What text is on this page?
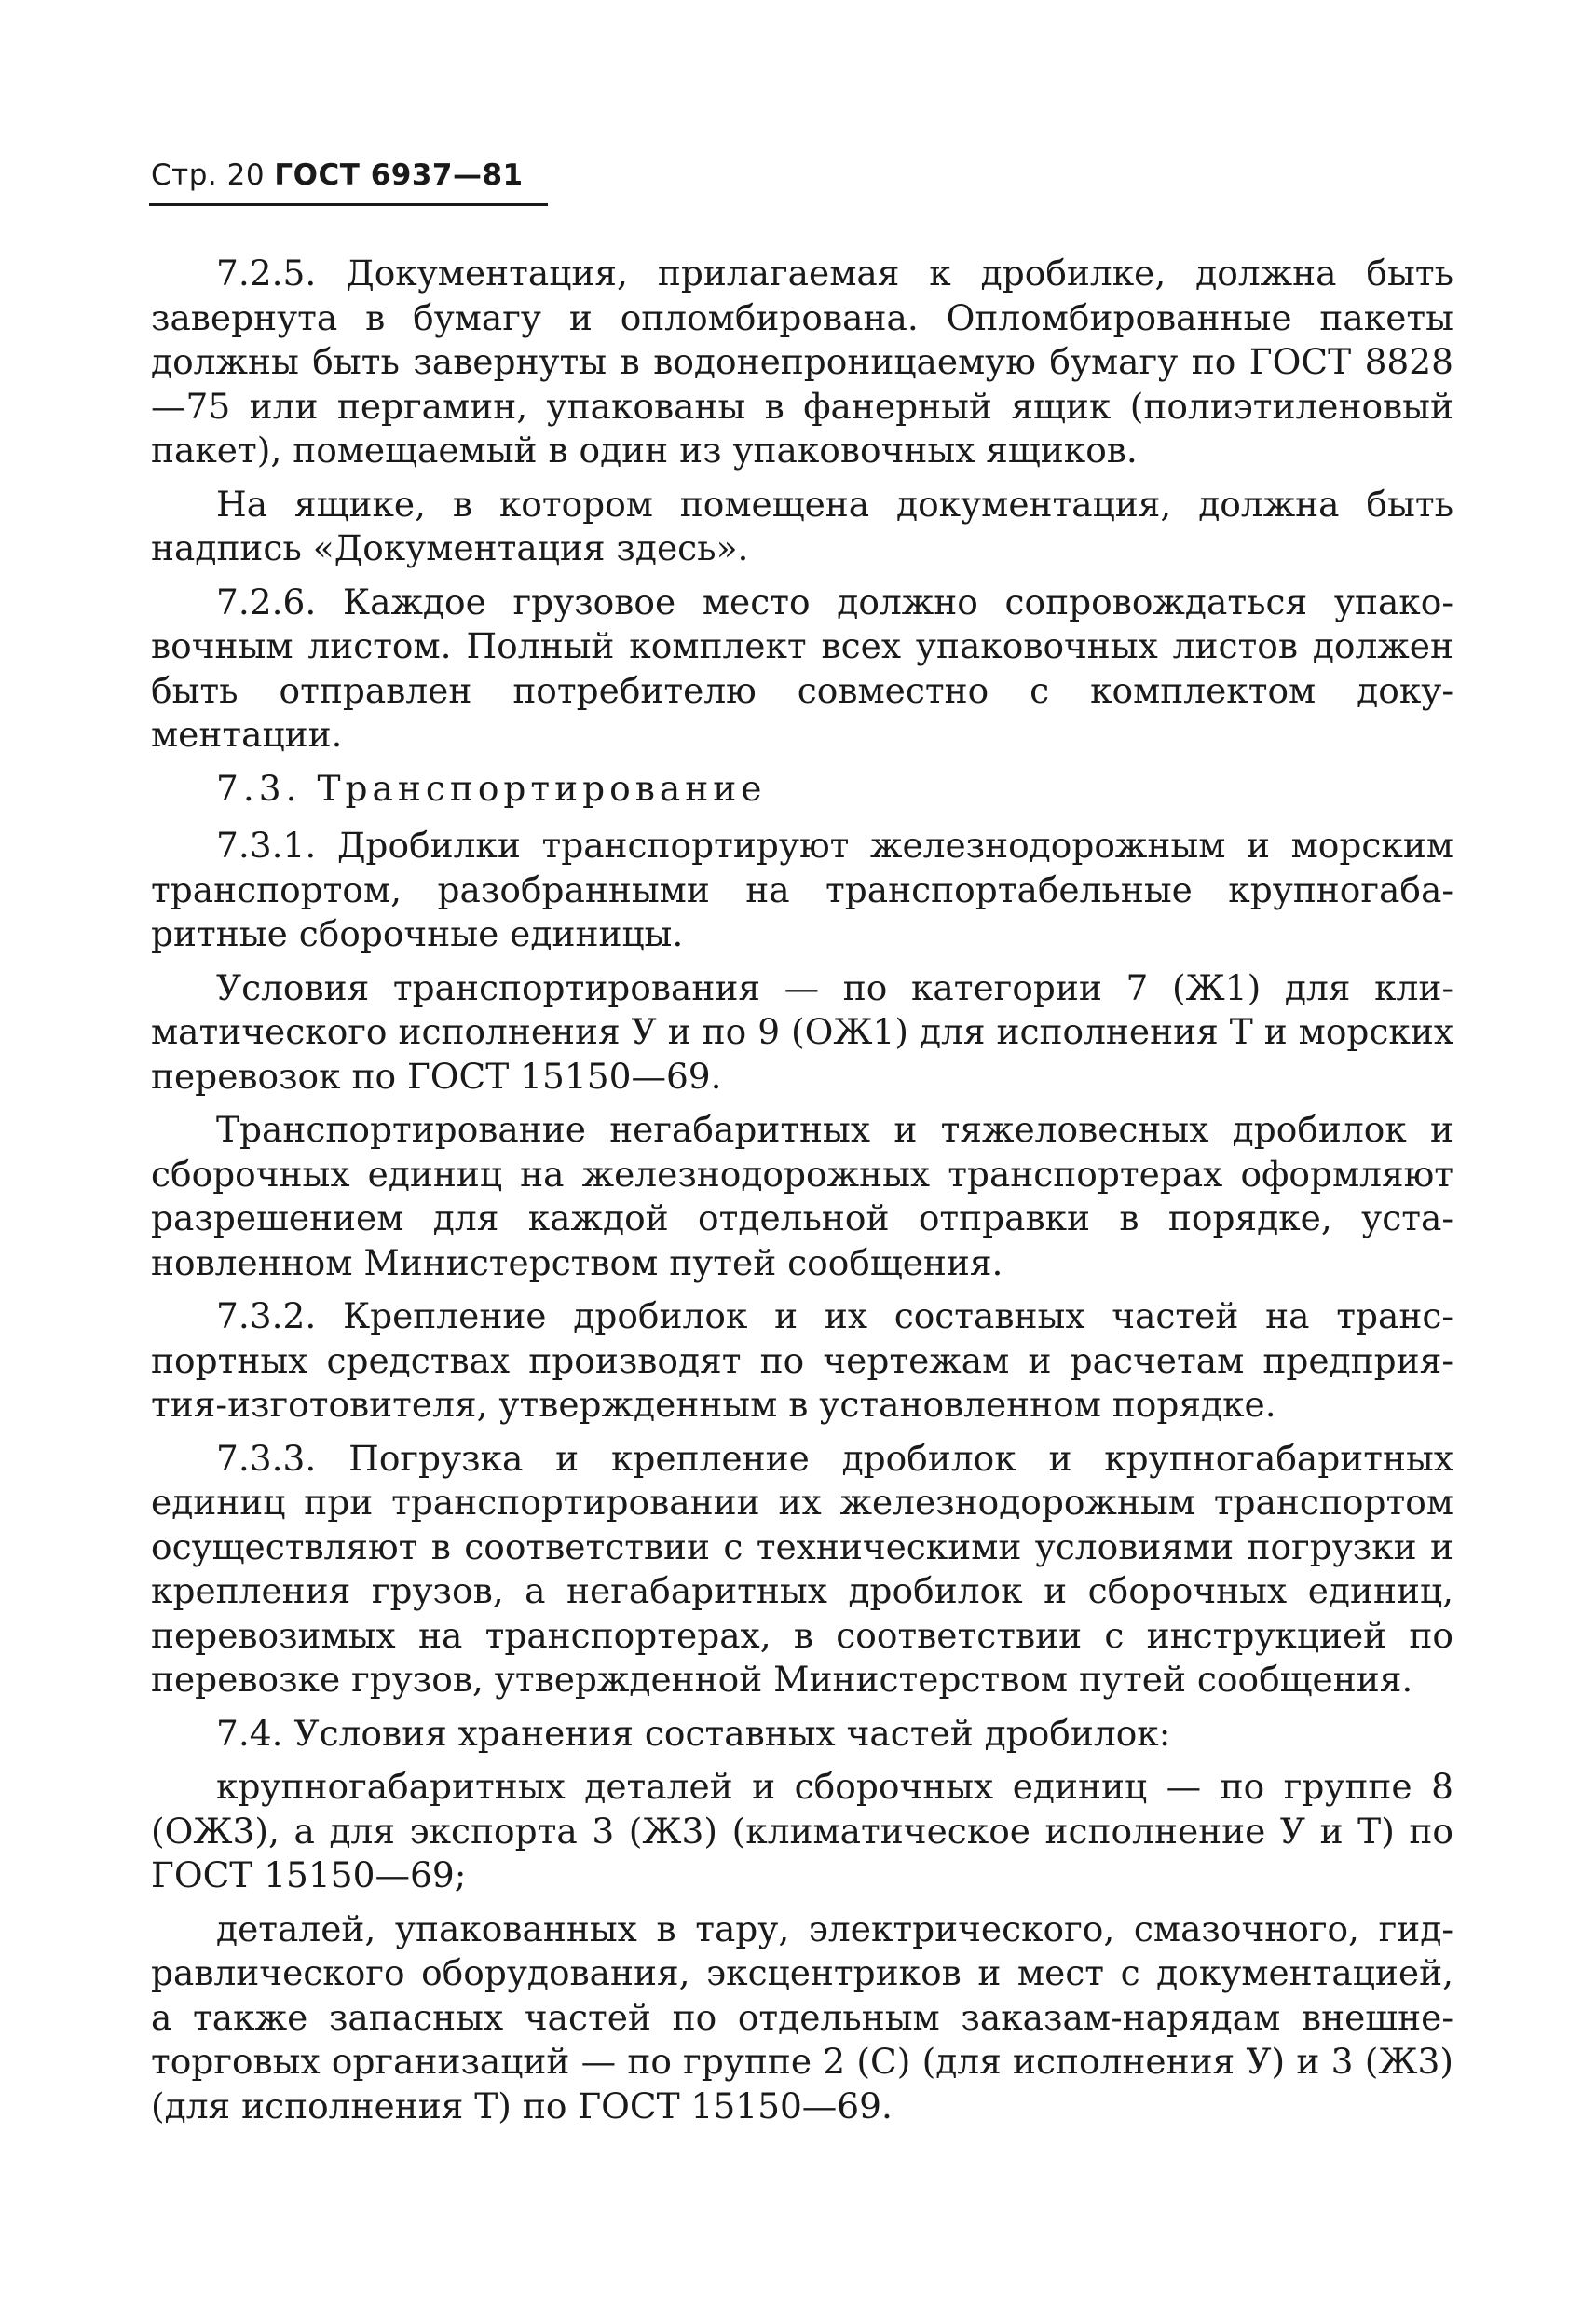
Стр. 20 ГОСТ 6937—81

7.2.5. Документация, прилагаемая к дробилке, должна быть завернута в бумагу и опломбирована. Опломбированные пакеты должны быть завернуты в водонепроницаемую бумагу по ГОСТ 8828—75 или пергамин, упакованы в фанерный ящик (полиэтиленовый пакет), помещаемый в один из упаковочных ящиков.

На ящике, в котором помещена документация, должна быть надпись «Документация здесь».

7.2.6. Каждое грузовое место должно сопровождаться упаковочным листом. Полный комплект всех упаковочных листов должен быть отправлен потребителю совместно с комплектом документации.

7.3. Транспортирование

7.3.1. Дробилки транспортируют железнодорожным и морским транспортом, разобранными на транспортабельные крупногабаритные сборочные единицы.

Условия транспортирования — по категории 7 (Ж1) для климатического исполнения У и по 9 (ОЖ1) для исполнения Т и морских перевозок по ГОСТ 15150—69.

Транспортирование негабаритных и тяжеловесных дробилок и сборочных единиц на железнодорожных транспортерах оформляют разрешением для каждой отдельной отправки в порядке, установленном Министерством путей сообщения.

7.3.2. Крепление дробилок и их составных частей на транспортных средствах производят по чертежам и расчетам предприятия-изготовителя, утвержденным в установленном порядке.

7.3.3. Погрузка и крепление дробилок и крупногабаритных единиц при транспортировании их железнодорожным транспортом осуществляют в соответствии с техническими условиями погрузки и крепления грузов, а негабаритных дробилок и сборочных единиц, перевозимых на транспортерах, в соответствии с инструкцией по перевозке грузов, утвержденной Министерством путей сообщения.

7.4. Условия хранения составных частей дробилок:

крупногабаритных деталей и сборочных единиц — по группе 8 (ОЖ3), а для экспорта 3 (Ж3) (климатическое исполнение У и Т) по ГОСТ 15150—69;

деталей, упакованных в тару, электрического, смазочного, гидравлического оборудования, эксцентриков и мест с документацией, а также запасных частей по отдельным заказам-нарядам внешнеторговых организаций — по группе 2 (С) (для исполнения У) и 3 (Ж3) (для исполнения Т) по ГОСТ 15150—69.
